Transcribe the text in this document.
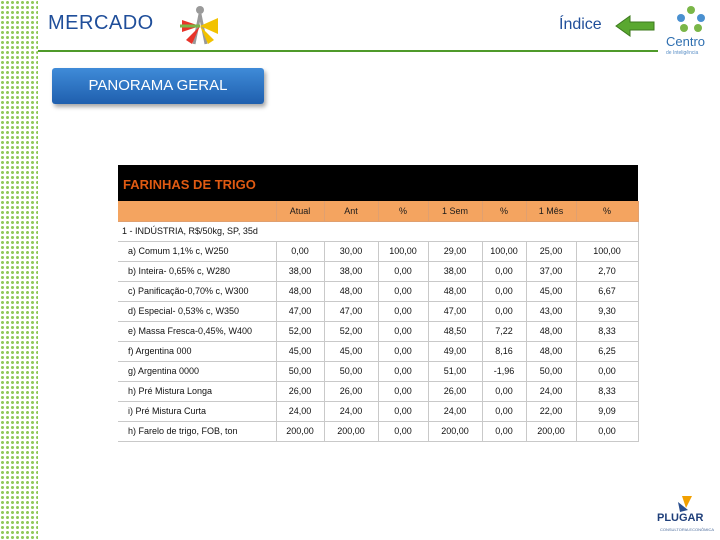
MERCADO	Índice
Centro
de Inteligência
PANORAMA GERAL
FARINHAS DE TRIGO
	Atual	Ant	%	1 Sem	%	1 Mês	%
1 - INDÚSTRIA, R$/50kg, SP, 35d							
a) Comum 1,1% c, W250	0,00	30,00	100,00	29,00	100,00	25,00	100,00
b) Inteira- 0,65% c, W280	38,00	38,00	0,00	38,00	0,00	37,00	2,70
c) Panificação-0,70% c, W300	48,00	48,00	0,00	48,00	0,00	45,00	6,67
d) Especial- 0,53% c, W350	47,00	47,00	0,00	47,00	0,00	43,00	9,30
e) Massa Fresca-0,45%, W400	52,00	52,00	0,00	48,50	7,22	48,00	8,33
f) Argentina 000	45,00	45,00	0,00	49,00	8,16	48,00	6,25
g) Argentina 0000	50,00	50,00	0,00	51,00	-1,96	50,00	0,00
h) Pré Mistura Longa	26,00	26,00	0,00	26,00	0,00	24,00	8,33
i) Pré Mistura Curta	24,00	24,00	0,00	24,00	0,00	22,00	9,09
h) Farelo de trigo, FOB, ton	200,00	200,00	0,00	200,00	0,00	200,00	0,00
PLUGAR
CONSULTORIA ECONÔMICA
